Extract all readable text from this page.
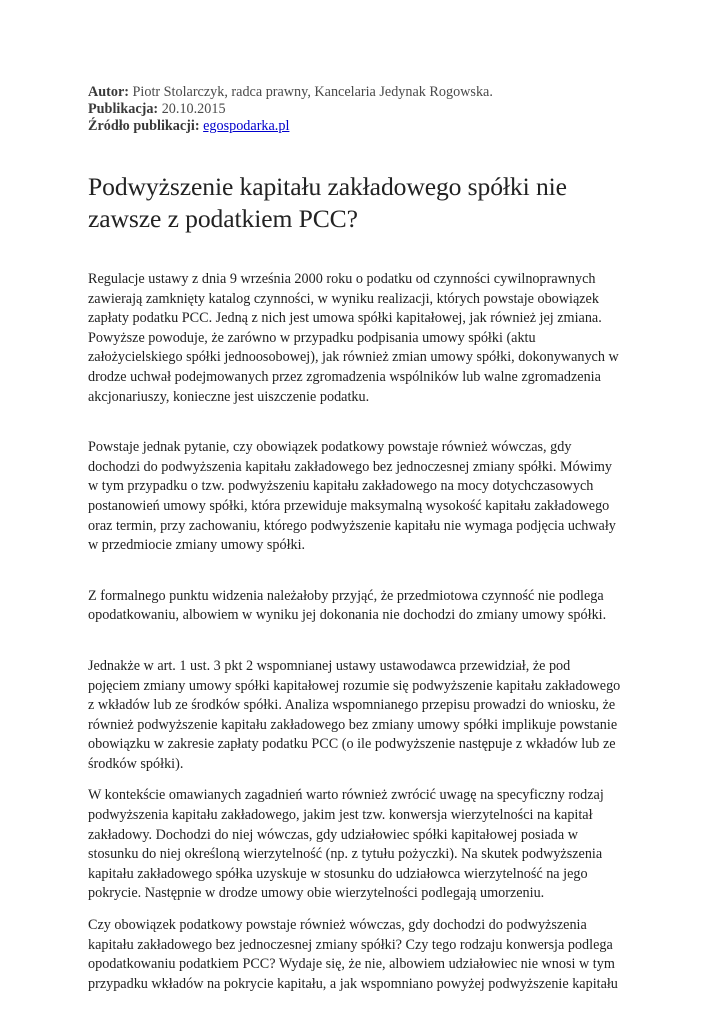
Autor: Piotr Stolarczyk, radca prawny, Kancelaria Jedynak Rogowska.
Publikacja: 20.10.2015
Źródło publikacji: egospodarka.pl
Podwyższenie kapitału zakładowego spółki nie
zawsze z podatkiem PCC?

Regulacje ustawy z dnia 9 września 2000 roku o podatku od czynności cywilnoprawnych
zawierają zamknięty katalog czynności, w wyniku realizacji, których powstaje obowiązek
zapłaty podatku PCC. Jedną z nich jest umowa spółki kapitałowej, jak również jej zmiana.
Powyższe powoduje, że zarówno w przypadku podpisania umowy spółki (aktu
założycielskiego spółki jednoosobowej), jak również zmian umowy spółki, dokonywanych w
drodze uchwał podejmowanych przez zgromadzenia wspólników lub walne zgromadzenia
akcjonariuszy, konieczne jest uiszczenie podatku.

Powstaje jednak pytanie, czy obowiązek podatkowy powstaje również wówczas, gdy
dochodzi do podwyższenia kapitału zakładowego bez jednoczesnej zmiany spółki. Mówimy
w tym przypadku o tzw. podwyższeniu kapitału zakładowego na mocy dotychczasowych
postanowień umowy spółki, która przewiduje maksymalną wysokość kapitału zakładowego
oraz termin, przy zachowaniu, którego podwyższenie kapitału nie wymaga podjęcia uchwały
w przedmiocie zmiany umowy spółki.

Z formalnego punktu widzenia należałoby przyjąć, że przedmiotowa czynność nie podlega
opodatkowaniu, albowiem w wyniku jej dokonania nie dochodzi do zmiany umowy spółki.

Jednakże w art. 1 ust. 3 pkt 2 wspomnianej ustawy ustawodawca przewidział, że pod
pojęciem zmiany umowy spółki kapitałowej rozumie się podwyższenie kapitału zakładowego
z wkładów lub ze środków spółki. Analiza wspomnianego przepisu prowadzi do wniosku, że
również podwyższenie kapitału zakładowego bez zmiany umowy spółki implikuje powstanie
obowiązku w zakresie zapłaty podatku PCC (o ile podwyższenie następuje z wkładów lub ze
środków spółki).

W kontekście omawianych zagadnień warto również zwrócić uwagę na specyficzny rodzaj
podwyższenia kapitału zakładowego, jakim jest tzw. konwersja wierzytelności na kapitał
zakładowy. Dochodzi do niej wówczas, gdy udziałowiec spółki kapitałowej posiada w
stosunku do niej określoną wierzytelność (np. z tytułu pożyczki). Na skutek podwyższenia
kapitału zakładowego spółka uzyskuje w stosunku do udziałowca wierzytelność na jego
pokrycie. Następnie w drodze umowy obie wierzytelności podlegają umorzeniu.

Czy obowiązek podatkowy powstaje również wówczas, gdy dochodzi do podwyższenia
kapitału zakładowego bez jednoczesnej zmiany spółki? Czy tego rodzaju konwersja podlega
opodatkowaniu podatkiem PCC? Wydaje się, że nie, albowiem udziałowiec nie wnosi w tym
przypadku wkładów na pokrycie kapitału, a jak wspomniano powyżej podwyższenie kapitału
